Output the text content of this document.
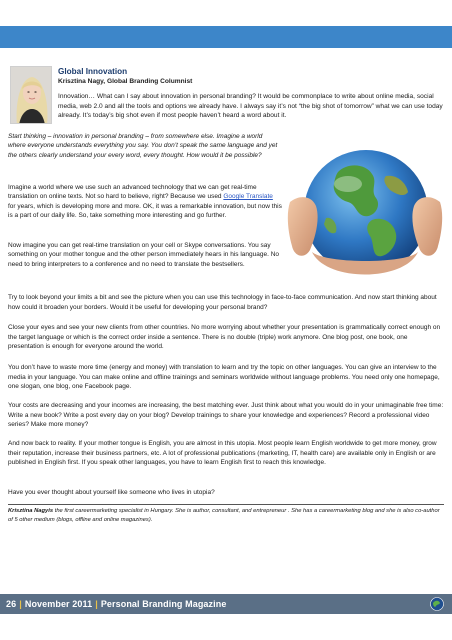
Global Innovation
Krisztina Nagy, Global Branding Columnist
Innovation… What can I say about innovation in personal branding? It would be commonplace to write about online media, social media, web 2.0 and all the tools and options we already have. I always say it’s not “the big shot of tomorrow” what we can use today already. It’s today’s big shot even if most people haven’t heard a word about it.
Start thinking – innovation in personal branding – from somewhere else. Imagine a world where everyone understands everything you say. You don’t speak the same language and yet the others clearly understand your every word, every thought. How would it be possible?
Imagine a world where we use such an advanced technology that we can get real-time translation on online texts. Not so hard to believe, right? Because we used Google Translate for years, which is developing more and more. OK, it was a remarkable innovation, but now this is a part of our daily life. So, take something more interesting and go further.
Now imagine you can get real-time translation on your cell or Skype conversations. You say something on your mother tongue and the other person immediately hears in his language. No need to bring interpreters to a conference and no need to translate the bestsellers.
Try to look beyond your limits a bit and see the picture when you can use this technology in face-to-face communication. And now start thinking about how could it broaden your borders. Would it be useful for developing your personal brand?
Close your eyes and see your new clients from other countries. No more worrying about whether your presentation is grammatically correct enough on the target language or which is the correct order inside a sentence. There is no double (triple) work anymore. One blog post, one book, one presentation is enough for everyone around the world.
You don’t have to waste more time (energy and money) with translation to learn and try the topic on other languages. You can give an interview to the media in your language. You can make online and offline trainings and seminars worldwide without language problems. You need only one homepage, one slogan, one blog, one Facebook page.
Your costs are decreasing and your incomes are increasing, the best matching ever. Just think about what you would do in your unimaginable free time: Write a new book? Write a post every day on your blog? Develop trainings to share your knowledge and experiences? Record a professional video series? Make more money?
And now back to reality. If your mother tongue is English, you are almost in this utopia. Most people learn English worldwide to get more money, grow their reputation, increase their business partners, etc. A lot of professional publications (marketing, IT, health care) are available only in English or are published in English first. If you speak other languages, you have to learn English first to reach this knowledge.
Have you ever thought about yourself like someone who lives in utopia?
Krisztina Nagyis the first careermarketing specialist in Hungary. She is author, consultant, and entrepreneur . She has a careermarketing blog and she is also co-author of 5 other medium (blogs, offline and online magazines).
26 | November 2011 | Personal Branding Magazine
